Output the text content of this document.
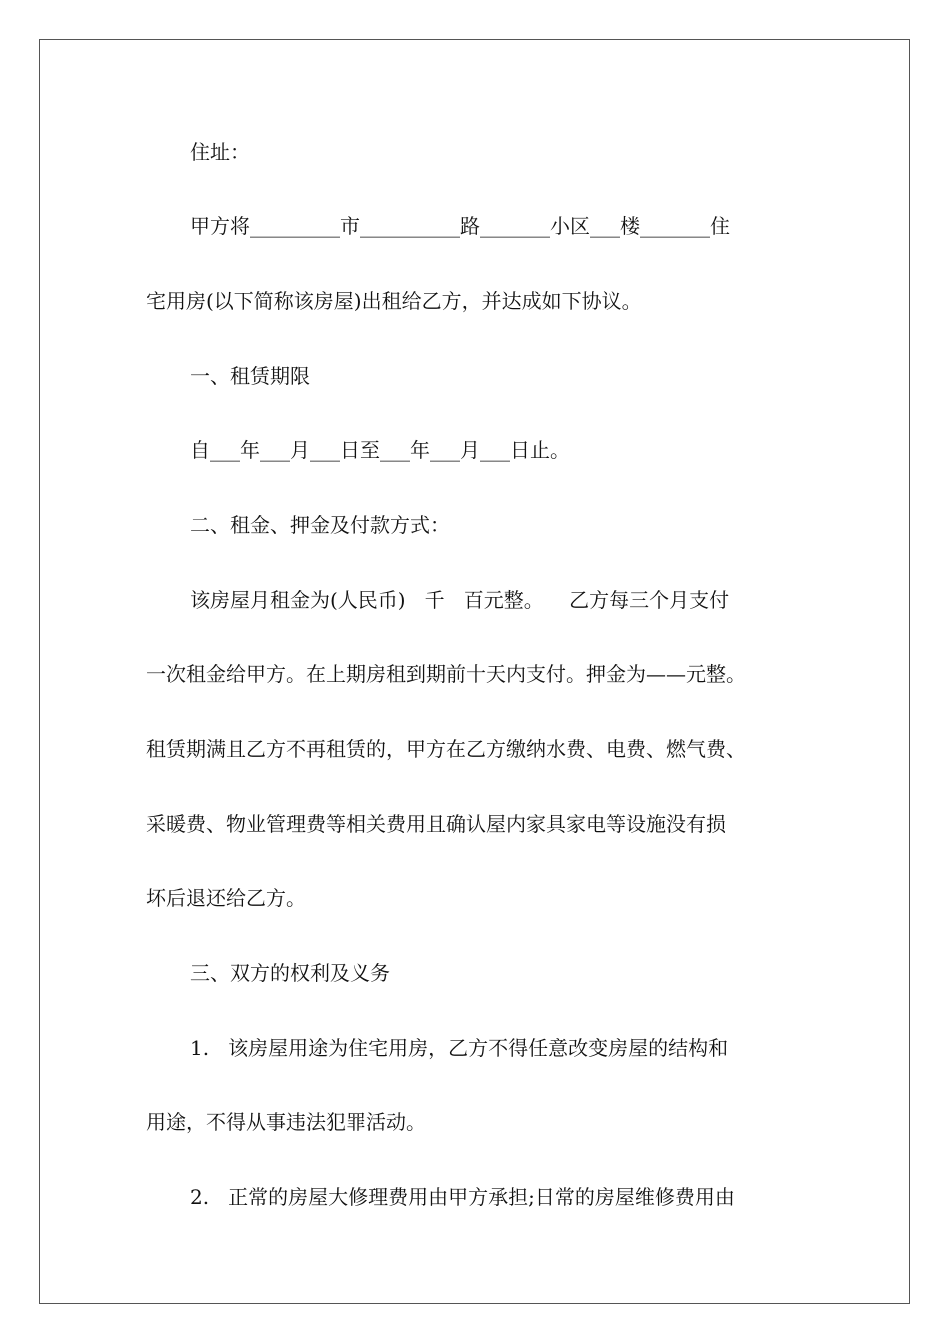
住址：
甲方将_________市__________路_______小区___楼_______住
宅用房(以下简称该房屋)出租给乙方，并达成如下协议。
一、租赁期限
自___年___月___日至___年___月___日止。
二、租金、押金及付款方式：
该房屋月租金为(人民币)   千   百元整。    乙方每三个月支付
一次租金给甲方。在上期房租到期前十天内支付。押金为——元整。
租赁期满且乙方不再租赁的，甲方在乙方缴纳水费、电费、燃气费、
采暖费、物业管理费等相关费用且确认屋内家具家电等设施没有损
坏后退还给乙方。
三、双方的权利及义务
1.   该房屋用途为住宅用房，乙方不得任意改变房屋的结构和
用途，不得从事违法犯罪活动。
2.   正常的房屋大修理费用由甲方承担;日常的房屋维修费用由
